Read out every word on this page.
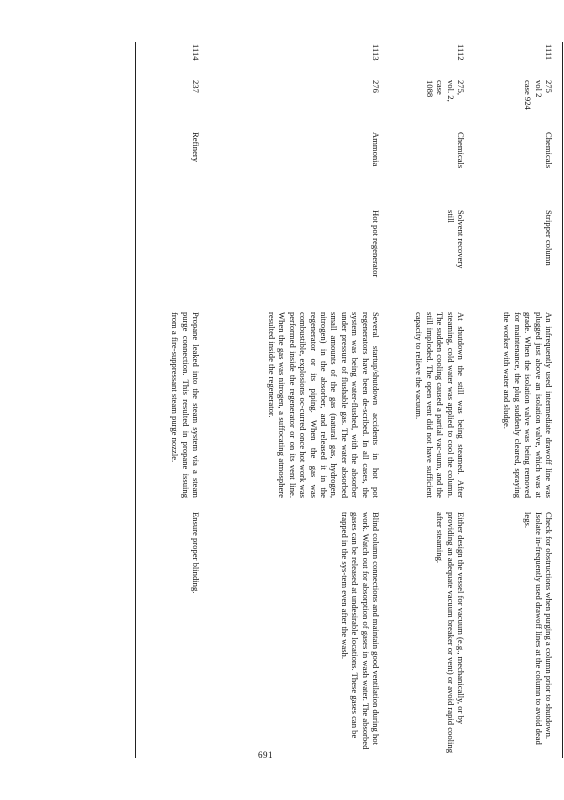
1111
275
vol 2
case 924
Chemicals
Stripper column
An infrequently used intermediate drawoff line was plugged just above an isolation valve, which was at grade. When the isolation valve was being removed for maintenance, the plug suddenly cleared, spraying the worker with water and sludge.
Check for obstructions when purging a column prior to shutdown. Isolate in-frequently used drawoff lines at the column to avoid dead legs.
1112
275,
vol. 2,
case
1088
Chemicals
Solvent recovery
still
At shutdown the still was being steamed. After steaming, cold water was applied to cool the column. The sudden cooling caused a partial vac-uum, and the still imploded. The open vent did not have sufficient capacity to relieve the vacuum.
Either design the vessel for vacuum (e.g., mechanically, or by providing an adequate vacuum breaker or vent) or avoid rapid cooling after steaming.
1113
276
Ammonia
Hot pot regenerator
Several startup/shutdown accidents in hot pot regenerators have been de-scribed. In all cases, the system was being water-flushed, with the absorber under pressure of flushable gas. The water absorbed small amounts of the gas (natural gas, hydrogen, nitrogen) in the absorber, and released it in the regenerator or its piping. When the gas was combustible, explosions oc-curred once hot work was performed inside the regenerator or on its vent line. When the gas was nitrogen, a suffocating atmosphere resulted inside the regenerator.
Blind column connections and maintain good ventilation during hot work. Watch out for absorption of gases in wash water. The absorbed gases can be released at undesirable locations. These gases can be trapped in the sys-tem even after the wash.
1114
237
Refinery
Propane leaked into the steam system via a steam purge connection. This resulted in propane issuing from a fire-suppressant steam purge nozzle.
Ensure proper blinding.
691
